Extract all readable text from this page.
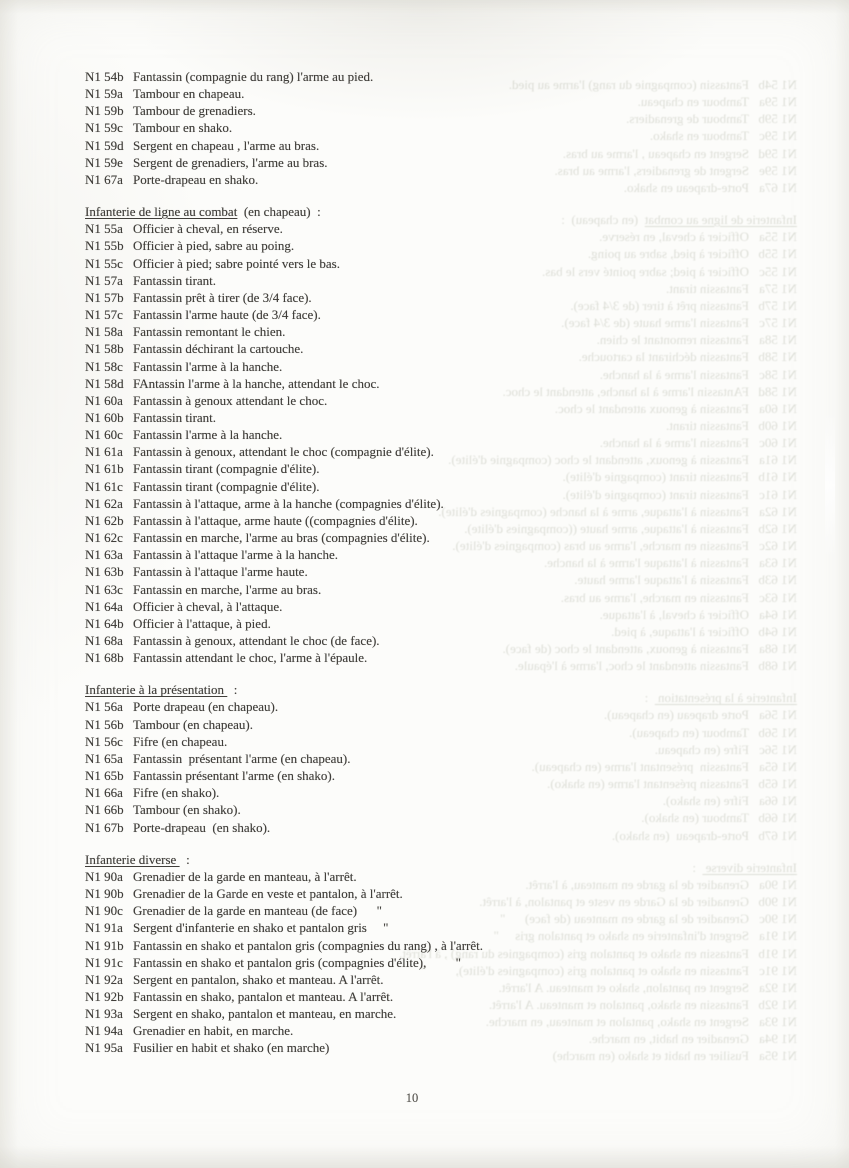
N1 54bFantassin (compagnie du rang) l'arme au pied.
N1 59aTambour en chapeau.
N1 59bTambour de grenadiers.
N1 59cTambour en shako.
N1 59dSergent en chapeau , l'arme au bras.
N1 59eSergent de grenadiers, l'arme au bras.
N1 67aPorte-drapeau en shako.
Infanterie de ligne au combat  (en chapeau)  :
N1 55aOfficier à cheval, en réserve.
N1 55bOfficier à pied, sabre au poing.
N1 55cOfficier à pied; sabre pointé vers le bas.
N1 57aFantassin tirant.
N1 57bFantassin prêt à tirer (de 3/4 face).
N1 57cFantassin l'arme haute (de 3/4 face).
N1 58aFantassin remontant le chien.
N1 58bFantassin déchirant la cartouche.
N1 58cFantassin l'arme à la hanche.
N1 58dFAntassin l'arme à la hanche, attendant le choc.
N1 60aFantassin à genoux attendant le choc.
N1 60bFantassin tirant.
N1 60cFantassin l'arme à la hanche.
N1 61aFantassin à genoux, attendant le choc (compagnie d'élite).
N1 61bFantassin tirant (compagnie d'élite).
N1 61cFantassin tirant (compagnie d'élite).
N1 62aFantassin à l'attaque, arme à la hanche (compagnies d'élite).
N1 62bFantassin à l'attaque, arme haute ((compagnies d'élite).
N1 62cFantassin en marche, l'arme au bras (compagnies d'élite).
N1 63aFantassin à l'attaque l'arme à la hanche.
N1 63bFantassin à l'attaque l'arme haute.
N1 63cFantassin en marche, l'arme au bras.
N1 64aOfficier à cheval, à l'attaque.
N1 64bOfficier à l'attaque, à pied.
N1 68aFantassin à genoux, attendant le choc (de face).
N1 68bFantassin attendant le choc, l'arme à l'épaule.
Infanterie à la présentation   :
N1 56aPorte drapeau (en chapeau).
N1 56bTambour (en chapeau).
N1 56cFifre (en chapeau.
N1 65aFantassin  présentant l'arme (en chapeau).
N1 65bFantassin présentant l'arme (en shako).
N1 66aFifre (en shako).
N1 66bTambour (en shako).
N1 67bPorte-drapeau  (en shako).
Infanterie diverse   :
N1 90aGrenadier de la garde en manteau, à l'arrêt.
N1 90bGrenadier de la Garde en veste et pantalon, à l'arrêt.
N1 90cGrenadier de la garde en manteau (de face)      "
N1 91aSergent d'infanterie en shako et pantalon gris     "
N1 91bFantassin en shako et pantalon gris (compagnies du rang) , à l'arrêt.
N1 91cFantassin en shako et pantalon gris (compagnies d'élite),         "
N1 92aSergent en pantalon, shako et manteau. A l'arrêt.
N1 92bFantassin en shako, pantalon et manteau. A l'arrêt.
N1 93aSergent en shako, pantalon et manteau, en marche.
N1 94aGrenadier en habit, en marche.
N1 95aFusilier en habit et shako (en marche)
N1 54b Fantassin (compagnie du rang) l'arme au pied.
N1 59a Tambour en chapeau.
N1 59b Tambour de grenadiers.
N1 59c Tambour en shako.
N1 59d Sergent en chapeau , l'arme au bras.
N1 59e Sergent de grenadiers, l'arme au bras.
N1 67a Porte-drapeau en shako.
Infanterie de ligne au combat  (en chapeau)  :
N1 55a Officier à cheval, en réserve.
N1 55b Officier à pied, sabre au poing.
N1 55c Officier à pied; sabre pointé vers le bas.
N1 57a Fantassin tirant.
N1 57b Fantassin prêt à tirer (de 3/4 face).
N1 57c Fantassin l'arme haute (de 3/4 face).
N1 58a Fantassin remontant le chien.
N1 58b Fantassin déchirant la cartouche.
N1 58c Fantassin l'arme à la hanche.
N1 58d FAntassin l'arme à la hanche, attendant le choc.
N1 60a Fantassin à genoux attendant le choc.
N1 60b Fantassin tirant.
N1 60c Fantassin l'arme à la hanche.
N1 61a Fantassin à genoux, attendant le choc (compagnie d'élite).
N1 61b Fantassin tirant (compagnie d'élite).
N1 61c Fantassin tirant (compagnie d'élite).
N1 62a Fantassin à l'attaque, arme à la hanche (compagnies d'élite).
N1 62b Fantassin à l'attaque, arme haute ((compagnies d'élite).
N1 62c Fantassin en marche, l'arme au bras (compagnies d'élite).
N1 63a Fantassin à l'attaque l'arme à la hanche.
N1 63b Fantassin à l'attaque l'arme haute.
N1 63c Fantassin en marche, l'arme au bras.
N1 64a Officier à cheval, à l'attaque.
N1 64b Officier à l'attaque, à pied.
N1 68a Fantassin à genoux, attendant le choc (de face).
N1 68b Fantassin attendant le choc, l'arme à l'épaule.
Infanterie à la présentation   :
N1 56a Porte drapeau (en chapeau).
N1 56b Tambour (en chapeau).
N1 56c Fifre (en chapeau.
N1 65a Fantassin  présentant l'arme (en chapeau).
N1 65b Fantassin présentant l'arme (en shako).
N1 66a Fifre (en shako).
N1 66b Tambour (en shako).
N1 67b Porte-drapeau  (en shako).
Infanterie diverse   :
N1 90a Grenadier de la garde en manteau, à l'arrêt.
N1 90b Grenadier de la Garde en veste et pantalon, à l'arrêt.
N1 90c Grenadier de la garde en manteau (de face)      "
N1 91a Sergent d'infanterie en shako et pantalon gris     "
N1 91b Fantassin en shako et pantalon gris (compagnies du rang) , à l'arrêt.
N1 91c Fantassin en shako et pantalon gris (compagnies d'élite),         "
N1 92a Sergent en pantalon, shako et manteau. A l'arrêt.
N1 92b Fantassin en shako, pantalon et manteau. A l'arrêt.
N1 93a Sergent en shako, pantalon et manteau, en marche.
N1 94a Grenadier en habit, en marche.
N1 95a Fusilier en habit et shako (en marche)
10
